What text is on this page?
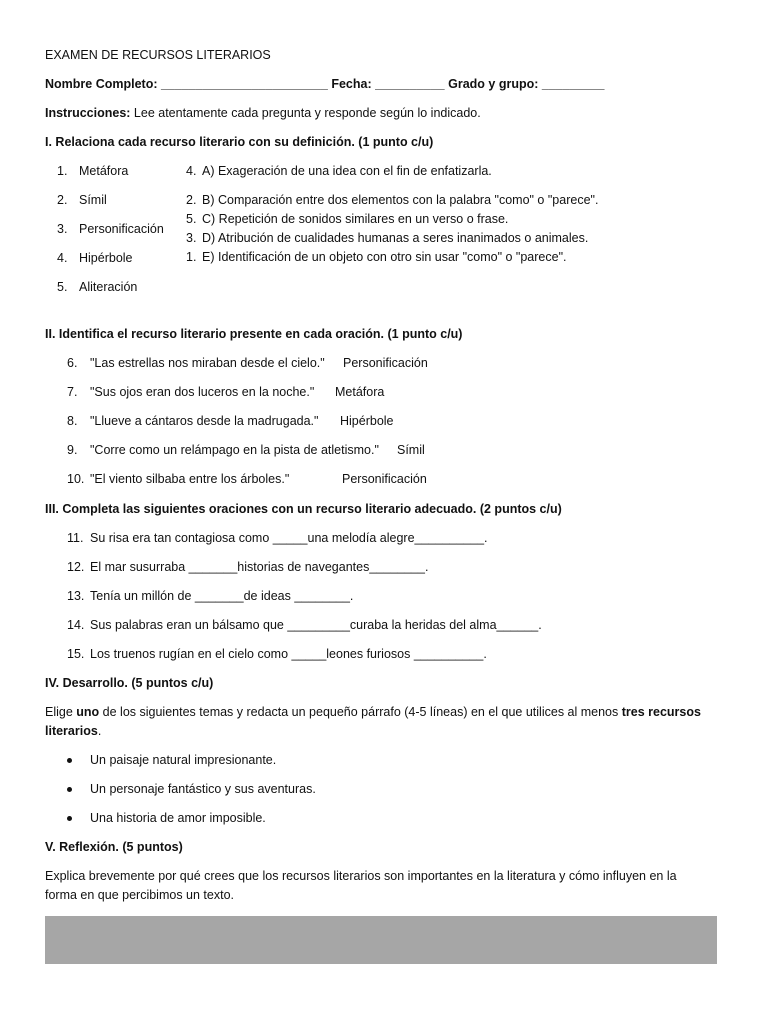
EXAMEN DE RECURSOS LITERARIOS
Nombre Completo: ________________________ Fecha: __________ Grado y grupo: _________
Instrucciones: Lee atentamente cada pregunta y responde según lo indicado.
I. Relaciona cada recurso literario con su definición. (1 punto c/u)
1. Metáfora
2. Símil
3. Personificación
4. Hipérbole
5. Aliteración
4. A) Exageración de una idea con el fin de enfatizarla.
2. B) Comparación entre dos elementos con la palabra "como" o "parece".
5. C) Repetición de sonidos similares en un verso o frase.
3. D) Atribución de cualidades humanas a seres inanimados o animales.
1. E) Identificación de un objeto con otro sin usar "como" o "parece".
II. Identifica el recurso literario presente en cada oración. (1 punto c/u)
6. "Las estrellas nos miraban desde el cielo." Personificación
7. "Sus ojos eran dos luceros en la noche." Metáfora
8. "Llueve a cántaros desde la madrugada." Hipérbole
9. "Corre como un relámpago en la pista de atletismo." Símil
10. "El viento silbaba entre los árboles."	Personificación
III. Completa las siguientes oraciones con un recurso literario adecuado. (2 puntos c/u)
11. Su risa era tan contagiosa como _____una melodía alegre__________.
12. El mar susurraba _______historias de navegantes________.
13. Tenía un millón de _______de ideas ________.
14. Sus palabras eran un bálsamo que _________curaba la heridas del alma______.
15. Los truenos rugían en el cielo como _____leones furiosos __________.
IV. Desarrollo. (5 puntos c/u)
Elige uno de los siguientes temas y redacta un pequeño párrafo (4-5 líneas) en el que utilices al menos tres recursos
literarios.
Un paisaje natural impresionante.
Un personaje fantástico y sus aventuras.
Una historia de amor imposible.
V. Reflexión. (5 puntos)
Explica brevemente por qué crees que los recursos literarios son importantes en la literatura y cómo influyen en la
forma en que percibimos un texto.
